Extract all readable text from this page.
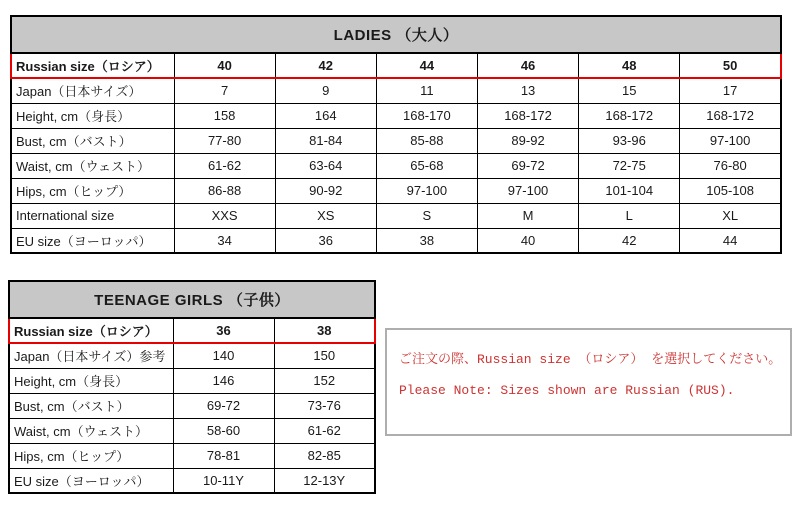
LADIES （大人）						
Russian size（ロシア）	40	42	44	46	48	50
Japan（日本サイズ）	7	9	11	13	15	17
Height, cm（身長）	158	164	168-170	168-172	168-172	168-172
Bust, cm（バスト）	77-80	81-84	85-88	89-92	93-96	97-100
Waist, cm（ウェスト）	61-62	63-64	65-68	69-72	72-75	76-80
Hips, cm（ヒップ）	86-88	90-92	97-100	97-100	101-104	105-108
International size	XXS	XS	S	M	L	XL
EU size（ヨーロッパ）	34	36	38	40	42	44
TEENAGE GIRLS （子供）		
Russian size（ロシア）	36	38
Japan（日本サイズ）参考	140	150
Height, cm（身長）	146	152
Bust, cm（バスト）	69-72	73-76
Waist, cm（ウェスト）	58-60	61-62
Hips, cm（ヒップ）	78-81	82-85
EU size（ヨーロッパ）	10-11Y	12-13Y
ご注文の際、Russian size （ロシア） を選択してください。
Please Note: Sizes shown are Russian (RUS).
